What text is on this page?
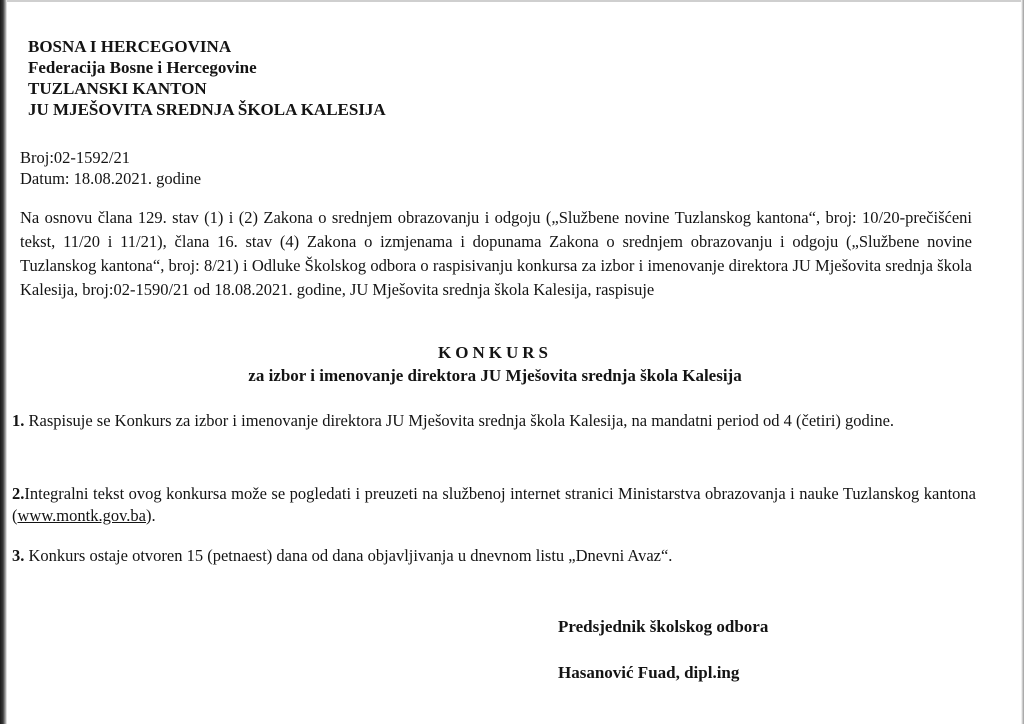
BOSNA I HERCEGOVINA
Federacija Bosne i Hercegovine
TUZLANSKI KANTON
JU MJEŠOVITA SREDNJA ŠKOLA KALESIJA
Broj:02-1592/21
Datum: 18.08.2021. godine
Na osnovu člana 129. stav (1) i (2) Zakona o srednjem obrazovanju i odgoju („Službene novine Tuzlanskog kantona“, broj: 10/20-prečišćeni tekst, 11/20 i 11/21), člana 16. stav (4) Zakona o izmjenama i dopunama Zakona o srednjem obrazovanju i odgoju („Službene novine Tuzlanskog kantona“, broj: 8/21) i Odluke Školskog odbora o raspisivanju konkursa za izbor i imenovanje direktora JU Mješovita srednja škola Kalesija, broj:02-1590/21 od 18.08.2021. godine, JU Mješovita srednja škola Kalesija, raspisuje
KONKURS
za izbor i imenovanje direktora JU Mješovita srednja škola Kalesija
1. Raspisuje se Konkurs za izbor i imenovanje direktora JU Mješovita srednja škola Kalesija, na mandatni period od 4 (četiri) godine.
2.Integralni tekst ovog konkursa može se pogledati i preuzeti na službenoj internet stranici Ministarstva obrazovanja i nauke Tuzlanskog kantona (www.montk.gov.ba).
3. Konkurs ostaje otvoren 15 (petnaest) dana od dana objavljivanja u dnevnom listu „Dnevni Avaz“.
Predsjednik školskog odbora
Hasanović Fuad, dipl.ing
